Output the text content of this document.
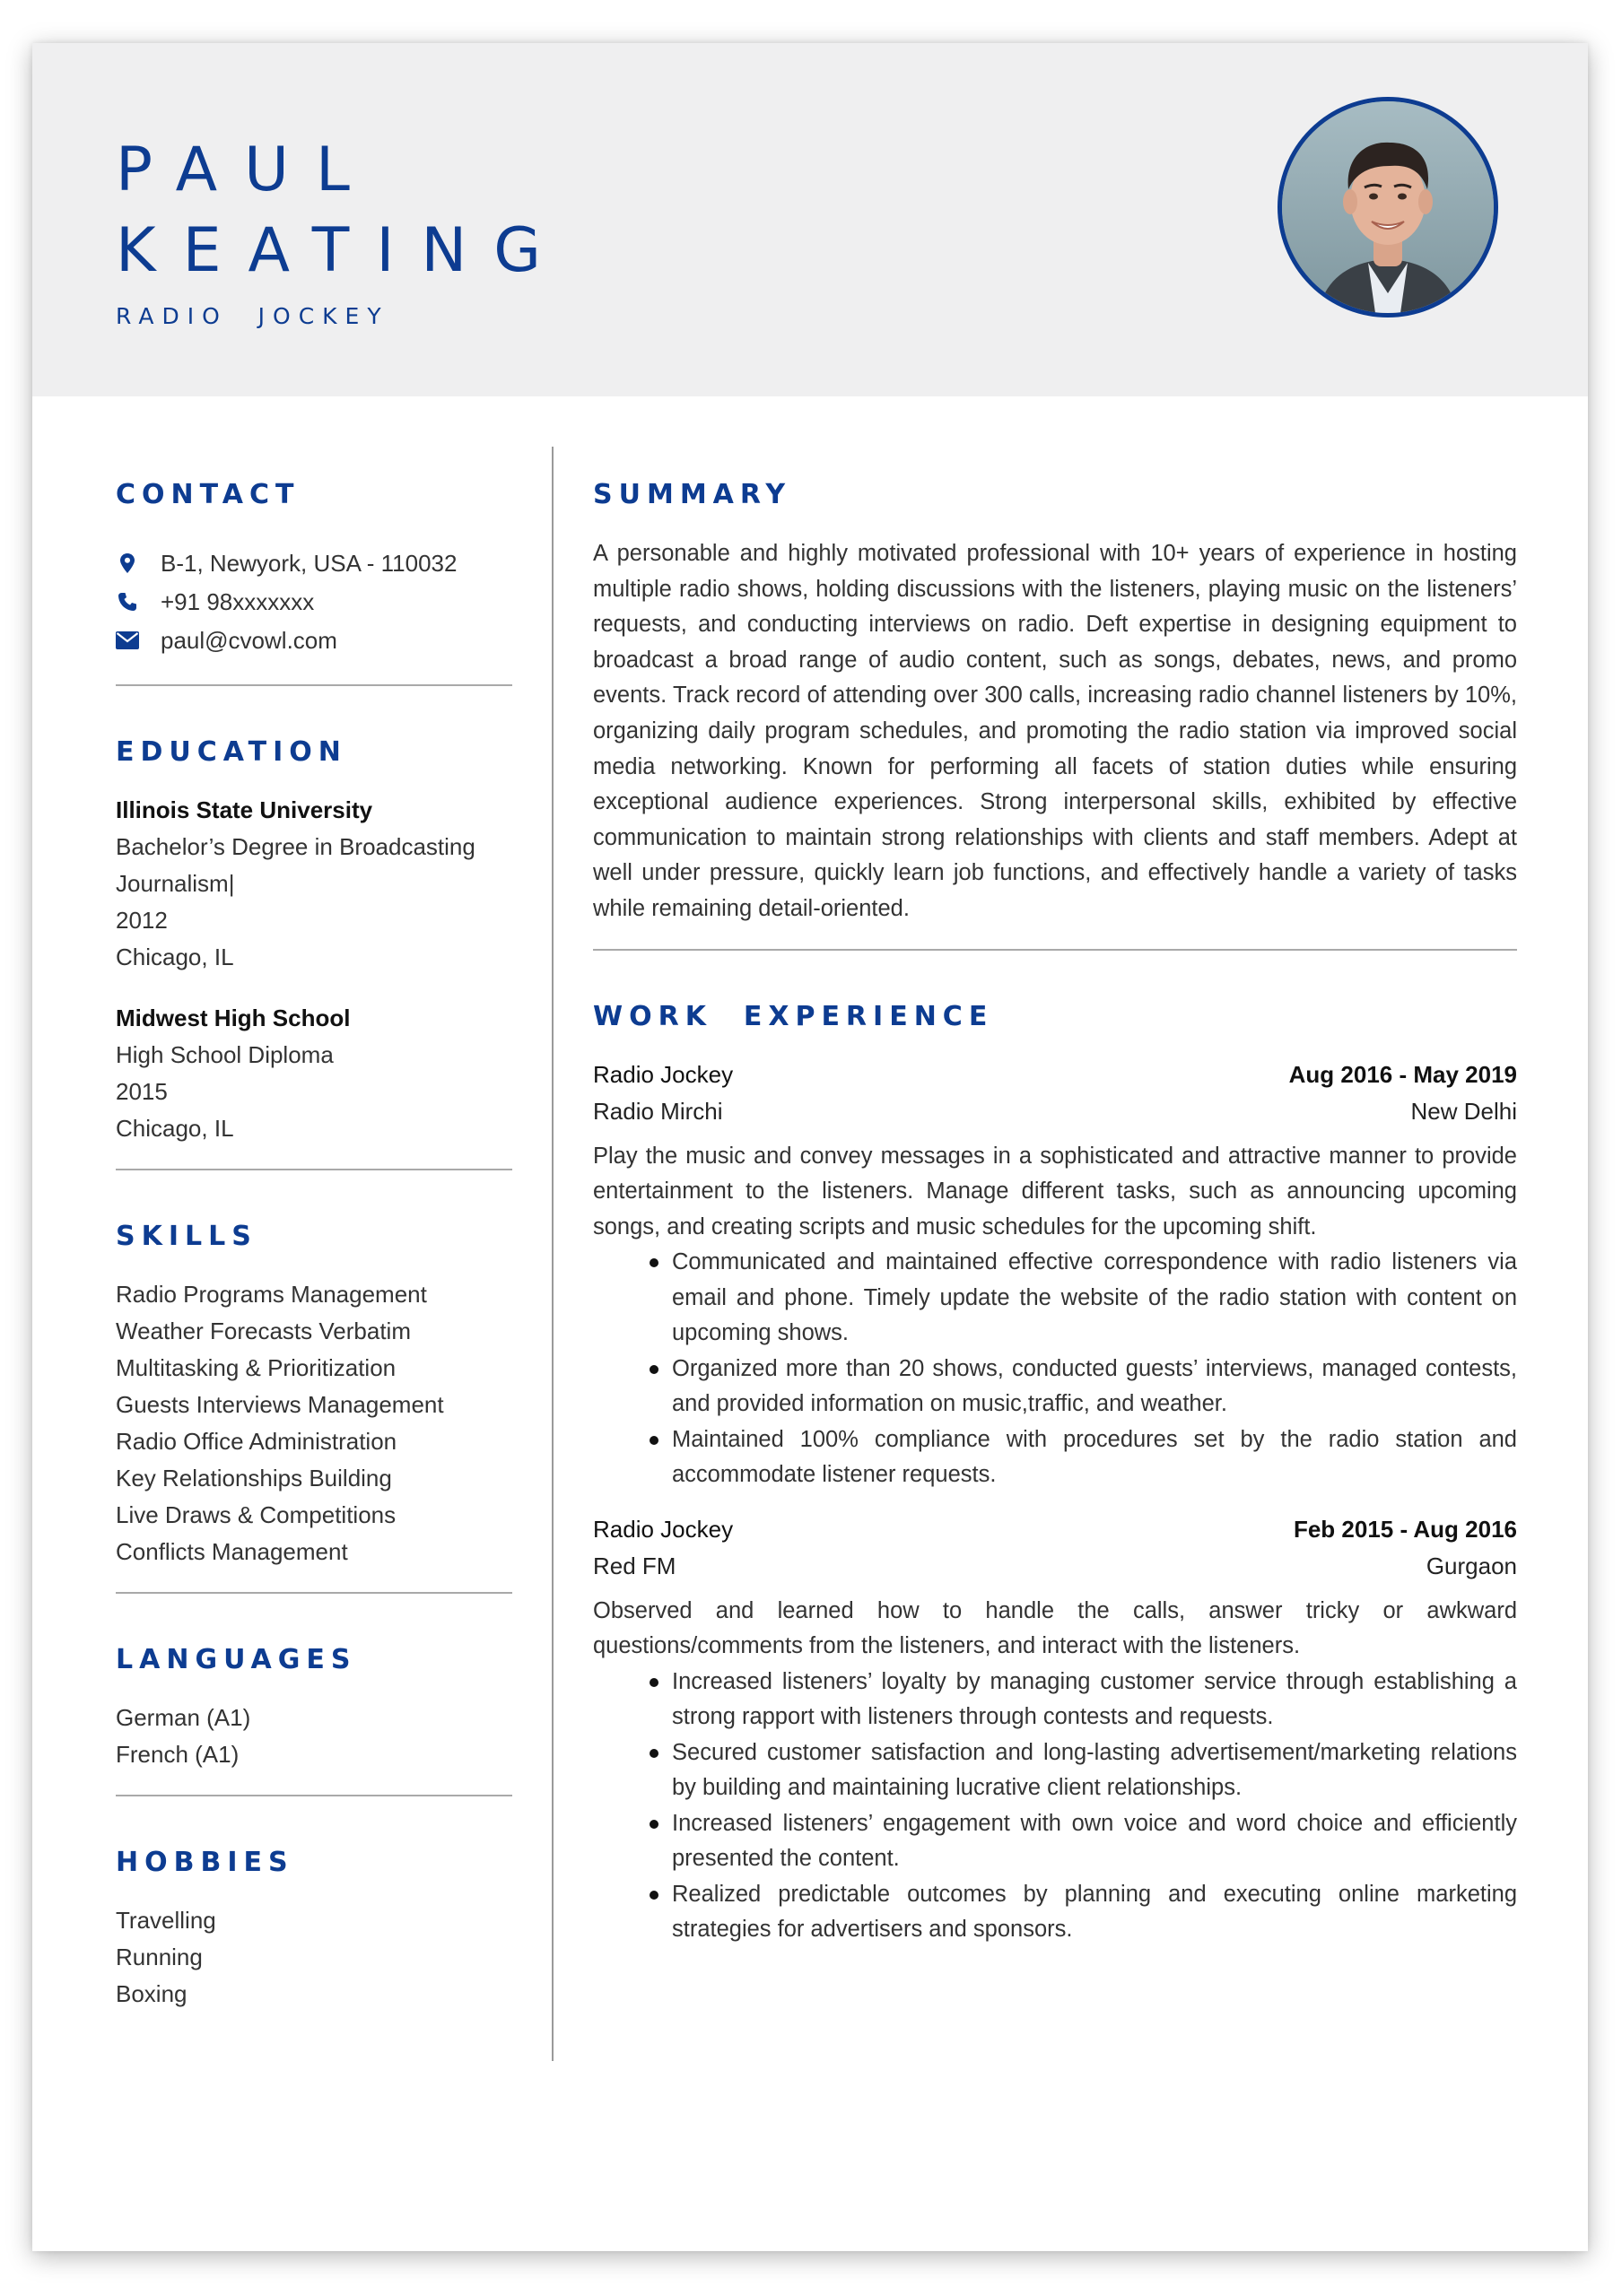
PAUL
KEATING
RADIO  JOCKEY
CONTACT
B-1, Newyork, USA - 110032
+91 98xxxxxxx
paul@cvowl.com
EDUCATION
Illinois State University
Bachelor’s Degree in Broadcasting
Journalism|
2012
Chicago, IL
Midwest High School
High School Diploma
2015
Chicago, IL
SKILLS
Radio Programs Management
Weather Forecasts Verbatim
Multitasking & Prioritization
Guests Interviews Management
Radio Office Administration
Key Relationships Building
Live Draws & Competitions
Conflicts Management
LANGUAGES
German (A1)
French (A1)
HOBBIES
Travelling
Running
Boxing
SUMMARY
A personable and highly motivated professional with 10+ years of experience in hosting multiple radio shows, holding discussions with the listeners, playing music on the listeners’ requests, and conducting interviews on radio. Deft expertise in designing equipment to broadcast a broad range of audio content, such as songs, debates, news, and promo events. Track record of attending over 300 calls, increasing radio channel listeners by 10%, organizing daily program schedules, and promoting the radio station via improved social media networking. Known for performing all facets of station duties while ensuring exceptional audience experiences. Strong interpersonal skills, exhibited by effective communication to maintain strong relationships with clients and staff members. Adept at well under pressure, quickly learn job functions, and effectively handle a variety of tasks while remaining detail-oriented.
WORK  EXPERIENCE
Radio Jockey	Aug 2016 - May 2019
Radio Mirchi	New Delhi
Play the music and convey messages in a sophisticated and attractive manner to provide entertainment to the listeners. Manage different tasks, such as announcing upcoming songs, and creating scripts and music schedules for the upcoming shift.
Communicated and maintained effective correspondence with radio listeners via email and phone. Timely update the website of the radio station with content on upcoming shows.
Organized more than 20 shows, conducted guests’ interviews, managed contests, and provided information on music,traffic, and weather.
Maintained 100% compliance with procedures set by the radio station and accommodate listener requests.
Radio Jockey	Feb 2015 - Aug 2016
Red FM	Gurgaon
Observed and learned how to handle the calls, answer tricky or awkward questions/comments from the listeners, and interact with the listeners.
Increased listeners’ loyalty by managing customer service through establishing a strong rapport with listeners through contests and requests.
Secured customer satisfaction and long-lasting advertisement/marketing relations by building and maintaining lucrative client relationships.
Increased listeners’ engagement with own voice and word choice and efficiently presented the content.
Realized predictable outcomes by planning and executing online marketing strategies for advertisers and sponsors.
